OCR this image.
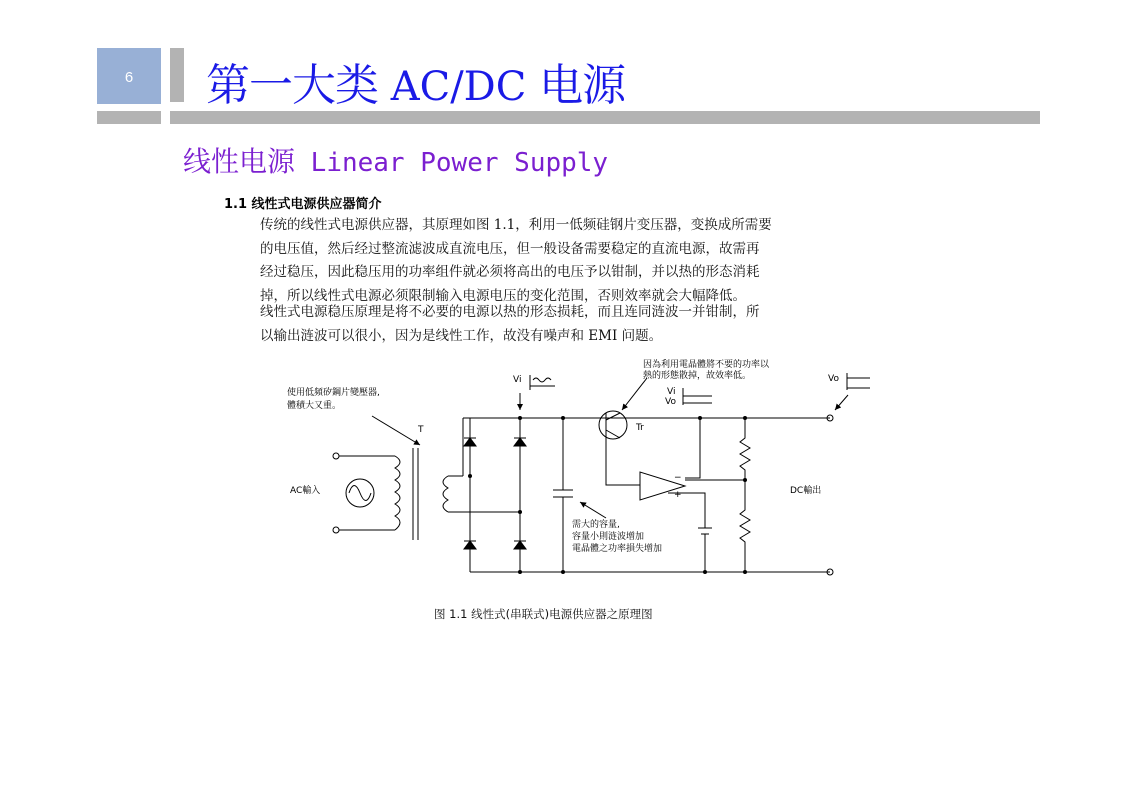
6	第一大类 AC/DC 电源
线性电源 Linear Power Supply
1.1 线性式电源供应器简介
传统的线性式电源供应器，其原理如图 1.1，利用一低频硅钢片变压器，变换成所需要
的电压值，然后经过整流滤波成直流电压，但一般设备需要稳定的直流电源，故需再
经过稳压，因此稳压用的功率组件就必须将高出的电压予以钳制，并以热的形态消耗
掉，所以线性式电源必须限制输入电源电压的变化范围，否则效率就会大幅降低。
线性式电源稳压原理是将不必要的电源以热的形态损耗，而且连同涟波一并钳制，所
以输出涟波可以很小，因为是线性工作，故没有噪声和 EMI 问题。
使用低頻矽鋼片變壓器,
體積大又重。
T
AC輸入
Vi
因為利用電晶體將不要的功率以
熱的形態散掉，故效率低。
Vi
Vo
Tr
Vo
DC輸出
需大的容量,
容量小則涟波增加
電晶體之功率損失增加
−
+
图 1.1 线性式(串联式)电源供应器之原理图
